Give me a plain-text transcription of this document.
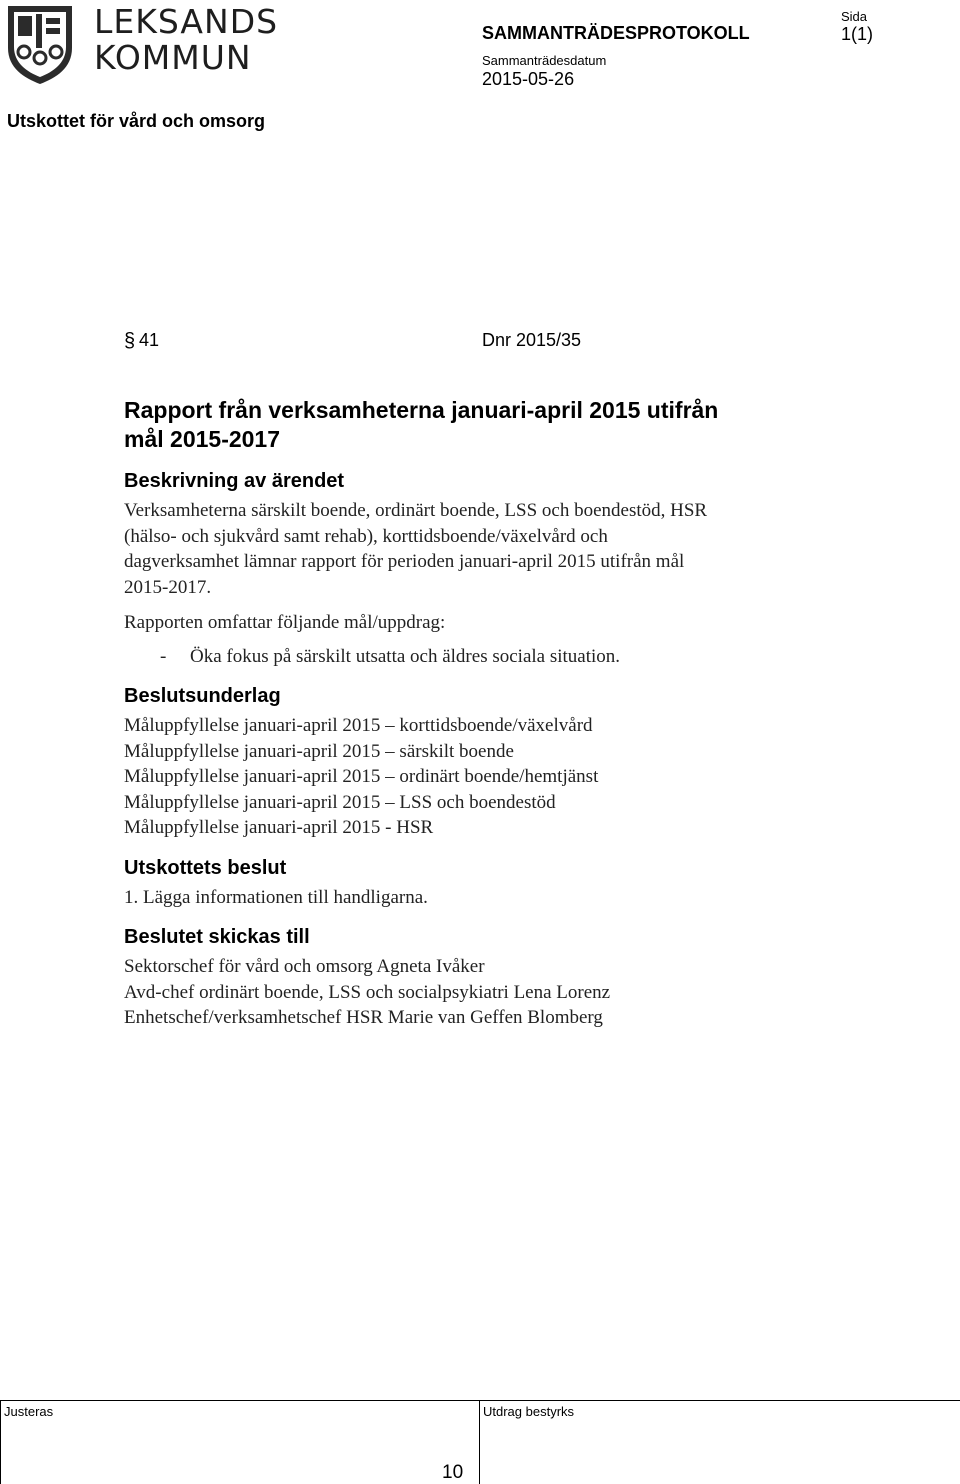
LEKSANDS
KOMMUN
SAMMANTRÄDESPROTOKOLL
Sida
1(1)
Sammanträdesdatum
2015-05-26
Utskottet för vård och omsorg
§ 41	Dnr 2015/35
Rapport från verksamheterna januari-april 2015 utifrån
mål 2015-2017
Beskrivning av ärendet

Verksamheterna särskilt boende, ordinärt boende, LSS och boendestöd, HSR

(hälso- och sjukvård samt rehab), korttidsboende/växelvård och

dagverksamhet lämnar rapport för perioden januari-april 2015 utifrån mål

2015-2017.

Rapporten omfattar följande mål/uppdrag:

-	Öka fokus på särskilt utsatta och äldres sociala situation.
Beslutsunderlag

Måluppfyllelse januari-april 2015 – korttidsboende/växelvård

Måluppfyllelse januari-april 2015 – särskilt boende

Måluppfyllelse januari-april 2015 – ordinärt boende/hemtjänst

Måluppfyllelse januari-april 2015 – LSS och boendestöd

Måluppfyllelse januari-april 2015 - HSR

Utskottets beslut

1. Lägga informationen till handligarna.

Beslutet skickas till

Sektorschef för vård och omsorg Agneta Ivåker

Avd-chef ordinärt boende, LSS och socialpsykiatri Lena Lorenz

Enhetschef/verksamhetschef HSR Marie van Geffen Blomberg

Justeras	Utdrag bestyrks
10
